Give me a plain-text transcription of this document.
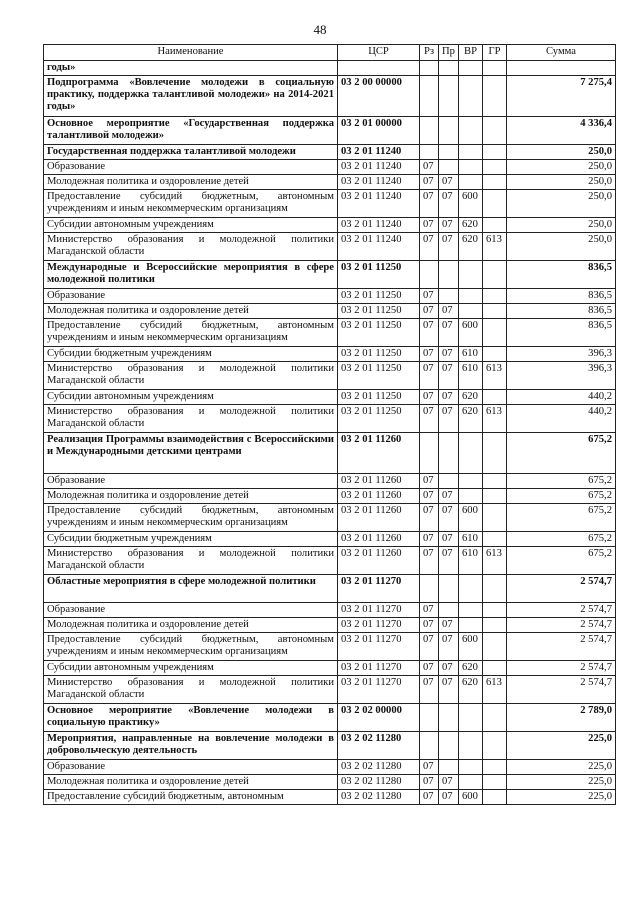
48
Наименование	ЦСР	Рз	Пр	ВР	ГР	Сумма
годы»						
Подпрограмма «Вовлечение молодежи в социальную практику, поддержка талантливой молодежи» на 2014-2021 годы»	03 2 00 00000					7 275,4
Основное мероприятие «Государственная поддержка талантливой молодежи»	03 2 01 00000					4 336,4
Государственная поддержка талантливой молодежи	03 2 01 11240					250,0
Образование	03 2 01 11240	07				250,0
Молодежная политика и оздоровление детей	03 2 01 11240	07	07			250,0
Предоставление субсидий бюджетным, автономным учреждениям и иным некоммерческим организациям	03 2 01 11240	07	07	600		250,0
Субсидии автономным учреждениям	03 2 01 11240	07	07	620		250,0
Министерство образования и молодежной политики Магаданской области	03 2 01 11240	07	07	620	613	250,0
Международные и Всероссийские мероприятия в сфере молодежной политики	03 2 01 11250					836,5
Образование	03 2 01 11250	07				836,5
Молодежная политика и оздоровление детей	03 2 01 11250	07	07			836,5
Предоставление субсидий бюджетным, автономным учреждениям и иным некоммерческим организациям	03 2 01 11250	07	07	600		836,5
Субсидии бюджетным учреждениям	03 2 01 11250	07	07	610		396,3
Министерство образования и молодежной политики Магаданской области	03 2 01 11250	07	07	610	613	396,3
Субсидии автономным учреждениям	03 2 01 11250	07	07	620		440,2
Министерство образования и молодежной политики Магаданской области	03 2 01 11250	07	07	620	613	440,2
Реализация Программы взаимодействия с Всероссийскими и Международными детскими центрами	03 2 01 11260					675,2
Образование	03 2 01 11260	07				675,2
Молодежная политика и оздоровление детей	03 2 01 11260	07	07			675,2
Предоставление субсидий бюджетным, автономным учреждениям и иным некоммерческим организациям	03 2 01 11260	07	07	600		675,2
Субсидии бюджетным учреждениям	03 2 01 11260	07	07	610		675,2
Министерство образования и молодежной политики Магаданской области	03 2 01 11260	07	07	610	613	675,2
Областные мероприятия в сфере молодежной политики	03 2 01 11270					2 574,7
Образование	03 2 01 11270	07				2 574,7
Молодежная политика и оздоровление детей	03 2 01 11270	07	07			2 574,7
Предоставление субсидий бюджетным, автономным учреждениям и иным некоммерческим организациям	03 2 01 11270	07	07	600		2 574,7
Субсидии автономным учреждениям	03 2 01 11270	07	07	620		2 574,7
Министерство образования и молодежной политики Магаданской области	03 2 01 11270	07	07	620	613	2 574,7
Основное мероприятие «Вовлечение молодежи в социальную практику»	03 2 02 00000					2 789,0
Мероприятия, направленные на вовлечение молодежи в добровольческую деятельность	03 2 02 11280					225,0
Образование	03 2 02 11280	07				225,0
Молодежная политика и оздоровление детей	03 2 02 11280	07	07			225,0
Предоставление субсидий бюджетным, автономным	03 2 02 11280	07	07	600		225,0
